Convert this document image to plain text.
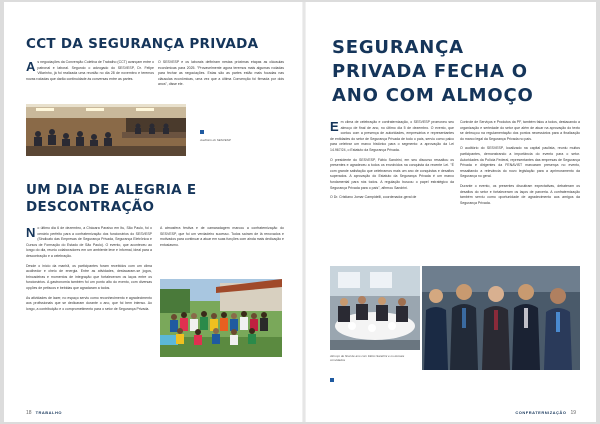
CCT DA SEGURANÇA PRIVADA

As negociações da Convenção Coletiva de Trabalho (CCT) avançam entre o patronal e laboral. Segundo o advogado do SESVESP, Dr. Felipe Villarinho, já foi realizada uma reunião no dia 28 de novembro e teremos novas rodadas que darão continuidade às conversas entre as partes.

O SESVESP e os laborais definiram nestas próximas etapas as cláusulas econômicas para 2025. "Provavelmente agora teremos mais algumas rodadas para fechar as negociações. Estas são as partes estão mais focadas nas cláusulas econômicas, uma vez que a última Convenção foi firmada por dois anos", disse ele.

Auditório do SESVESP
UM DIA DE ALEGRIA E DESCONTRAÇÃO

No último dia 6 de dezembro, a Chácara Paraíso em Itu, São Paulo, foi o cenário perfeito para a confraternização dos funcionários do SESVESP (Sindicato das Empresas de Segurança Privada, Segurança Eletrônica e Cursos de Formação do Estado de São Paulo). O evento, que aconteceu ao longo do dia, reuniu colaboradores em um ambiente leve e informal, ideal para a descontração e a celebração.

Desde o início da manhã, os participantes foram recebidos com um clima acolhedor e cheio de energia. Entre as atividades, destacaram-se jogos, brincadeiras e momentos de integração que fortaleceram os laços entre os funcionários. A gastronomia também foi um ponto alto do evento, com diversas opções de petiscos e bebidas que agradaram a todos.

As atividades de lazer, no espaço serviu como reconhecimento e agradecimento aos profissionais que se dedicaram durante o ano, que foi bem intenso. Ao longo, a contribuição e o comprometimento para o setor de Segurança Privada.

A atmosfera festiva e de camaradagem marcou a confraternização do SESVESP, que foi um verdadeiro sucesso. Todos saíram de lá renovados e motivados para continuar a atuar em suas funções com ainda mais dedicação e entusiasmo.

18 TRABALHO
SEGURANÇA PRIVADA FECHA O ANO COM ALMOÇO

Em clima de celebração e confraternização, o SESVESP promoveu seu almoço de final de ano, no último dia 5 de dezembro. O evento, que contou com a presença de autoridades, empresários e representantes de entidades do setor de Segurança Privada de todo o país, serviu como palco para celebrar um marco histórico para o segmento: a aprovação da Lei 14.967/24, o Estatuto da Segurança Privada.

O presidente do SESVESP, Fábio Sandrini, em seu discurso ressaltou os presentes e agradeceu a todos os envolvidos na conquista da recente Lei. "É com grande satisfação que celebramos mais um ano de conquistas e desafios superados. A aprovação do Estatuto da Segurança Privada é um marco fundamental para nós todos. A regulação buscou o papel estratégico da Segurança Privada para o país", afirmou Sandrini.

O Dr. Cristiano Jomar Campidelli, coordenador-geral de

Controle de Serviços e Produtos da PF, também falou a todos, destacando a organização e seriedade do setor que além de atuar na aprovação do texto se debruçou na regulamentação dos pontos necessários para a finalização do marco legal da Segurança Privada no país.

O auditório do SESVESP, localizado na capital paulista, reuniu muitos participantes, demonstrando a importância do evento para o setor. Autoridades da Polícia Federal, representantes das empresas de Segurança Privada e dirigentes da FENAVIST marcaram presença no evento, ressaltando a relevância do novo legislação para a aprimoramento da Segurança no geral.

Durante o evento, os presentes discutiram expectativas, debateram os desafios do setor e fortaleceram os laços de parceria. A confraternização também serviu como oportunidade de agradecimento aos amigos da Segurança Privada.

Almoço de final de ano com Fábio Sandrini e os demais convidados
CONFRATERNIZAÇÃO 19
